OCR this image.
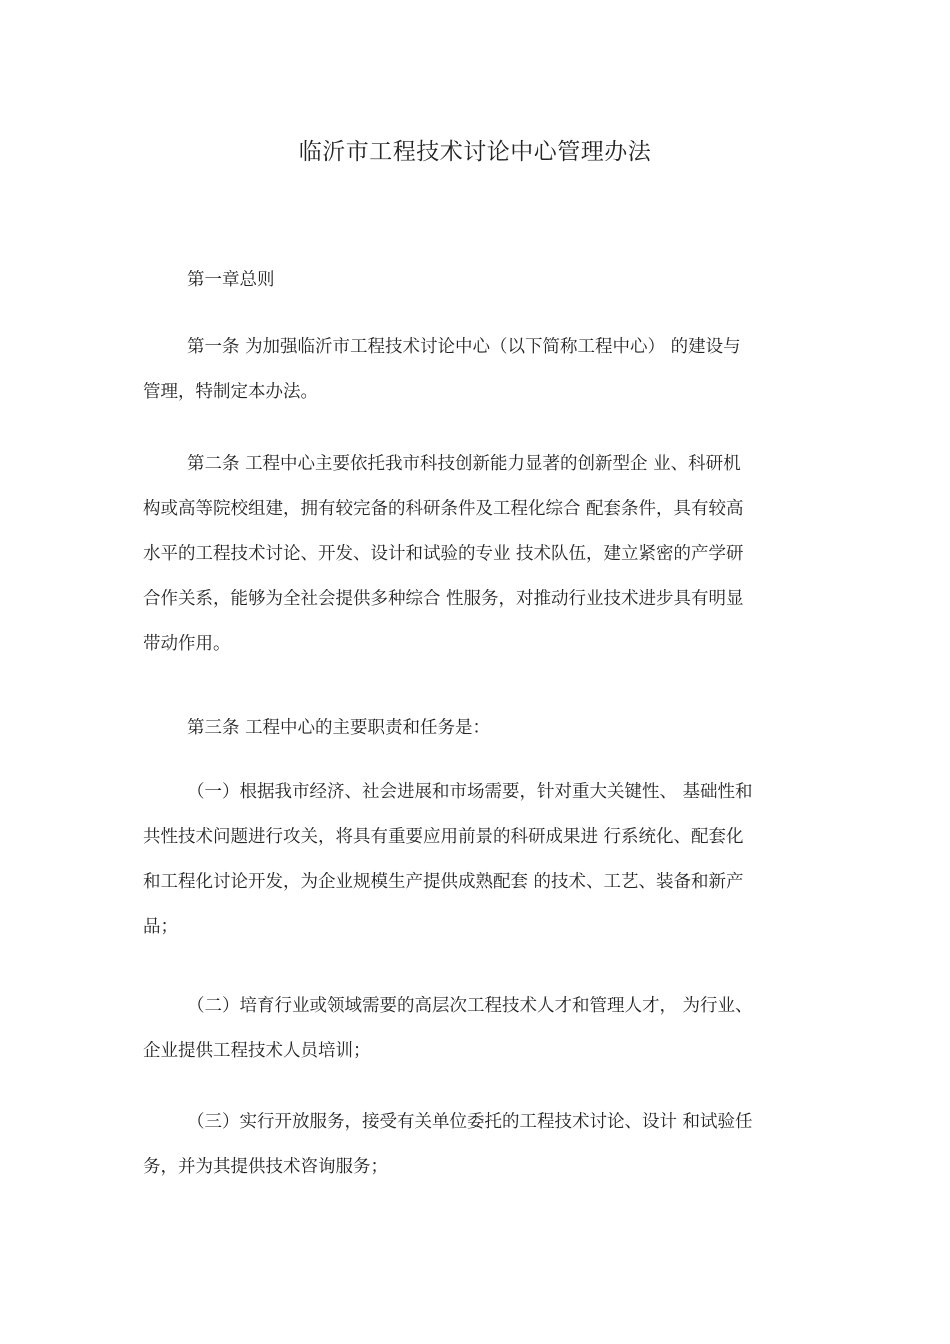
临沂市工程技术讨论中心管理办法

第一章总则

第一条 为加强临沂市工程技术讨论中心（以下简称工程中心） 的建设与
管理，特制定本办法。

第二条 工程中心主要依托我市科技创新能力显著的创新型企 业、科研机
构或高等院校组建，拥有较完备的科研条件及工程化综合 配套条件，具有较高
水平的工程技术讨论、开发、设计和试验的专业 技术队伍，建立紧密的产学研
合作关系，能够为全社会提供多种综合 性服务，对推动行业技术进步具有明显
带动作用。

第三条 工程中心的主要职责和任务是：

（一）根据我市经济、社会进展和市场需要，针对重大关键性、 基础性和
共性技术问题进行攻关，将具有重要应用前景的科研成果进 行系统化、配套化
和工程化讨论开发，为企业规模生产提供成熟配套 的技术、工艺、装备和新产
品；

（二）培育行业或领域需要的高层次工程技术人才和管理人才， 为行业、
企业提供工程技术人员培训；

（三）实行开放服务，接受有关单位委托的工程技术讨论、设计 和试验任
务，并为其提供技术咨询服务；
